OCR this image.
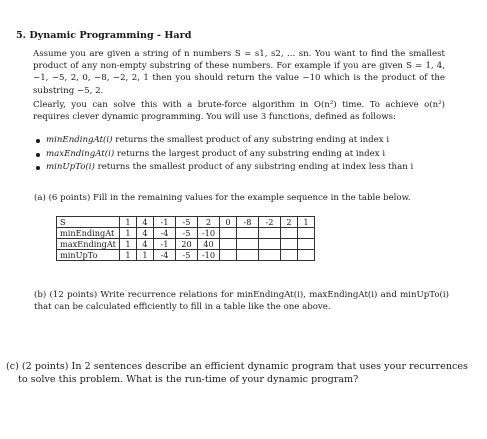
5. Dynamic Programming - Hard
Assume you are given a string of n numbers S = s1, s2, ... sn. You want to find the smallest product of any non-empty substring of these numbers. For example if you are given S = 1, 4, −1, −5, 2, 0, −8, −2, 2, 1 then you should return the value −10 which is the product of the substring −5, 2.
Clearly, you can solve this with a brute-force algorithm in O(n²) time. To achieve o(n²) requires clever dynamic programming. You will use 3 functions, defined as follows:
minEndingAt(i) returns the smallest product of any substring ending at index i
maxEndingAt(i) returns the largest product of any substring ending at index i
minUpTo(i) returns the smallest product of any substring ending at index less than i
(a) (6 points) Fill in the remaining values for the example sequence in the table below.
S	1	4	-1	-5	2	0	-8	-2	2	1
minEndingAt	1	4	-4	-5	-10					
maxEndingAt	1	4	-1	20	40					
minUpTo	1	1	-4	-5	-10					
(b) (12 points) Write recurrence relations for minEndingAt(i), maxEndingAt(i) and minUpTo(i) that can be calculated efficiently to fill in a table like the one above.
(c) (2 points) In 2 sentences describe an efficient dynamic program that uses your recurrences
to solve this problem. What is the run-time of your dynamic program?
